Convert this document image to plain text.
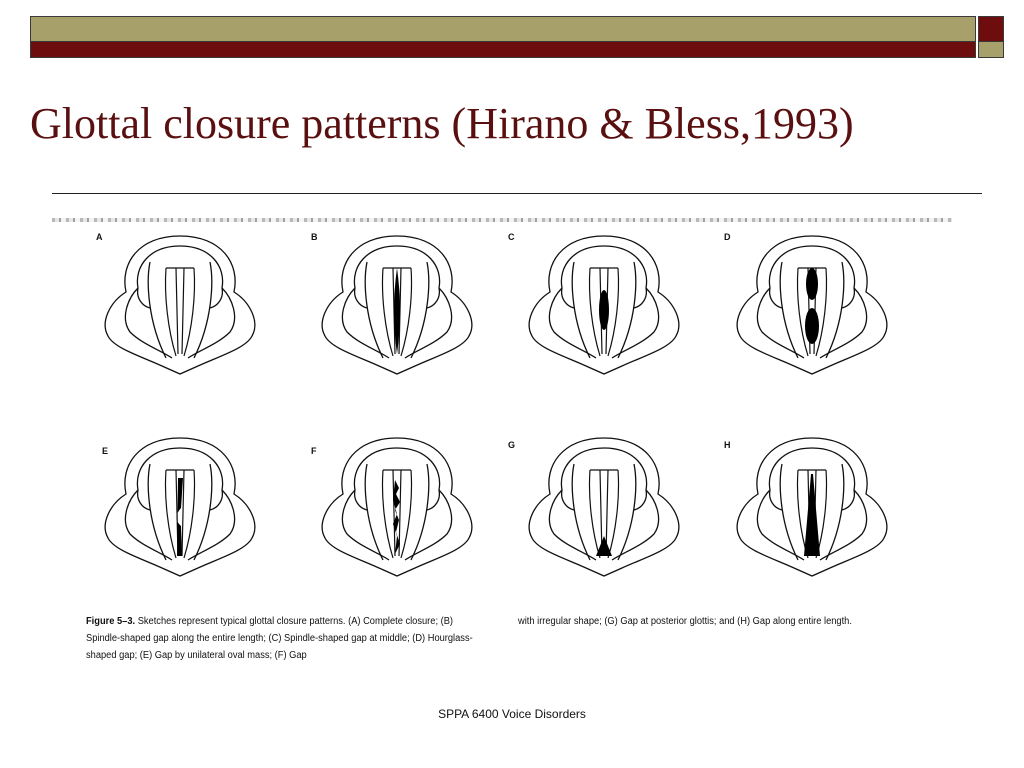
Glottal closure patterns (Hirano & Bless,1993)
A	B	C	D
E	F
G	H
Figure 5–3. Sketches represent typical glottal closure patterns. (A) Complete closure; (B) Spindle-shaped gap along the entire length; (C) Spindle-shaped gap at middle; (D) Hourglass-shaped gap; (E) Gap by unilateral oval mass; (F) Gap
with irregular shape; (G) Gap at posterior glottis; and (H) Gap along entire length.
SPPA 6400 Voice Disorders
